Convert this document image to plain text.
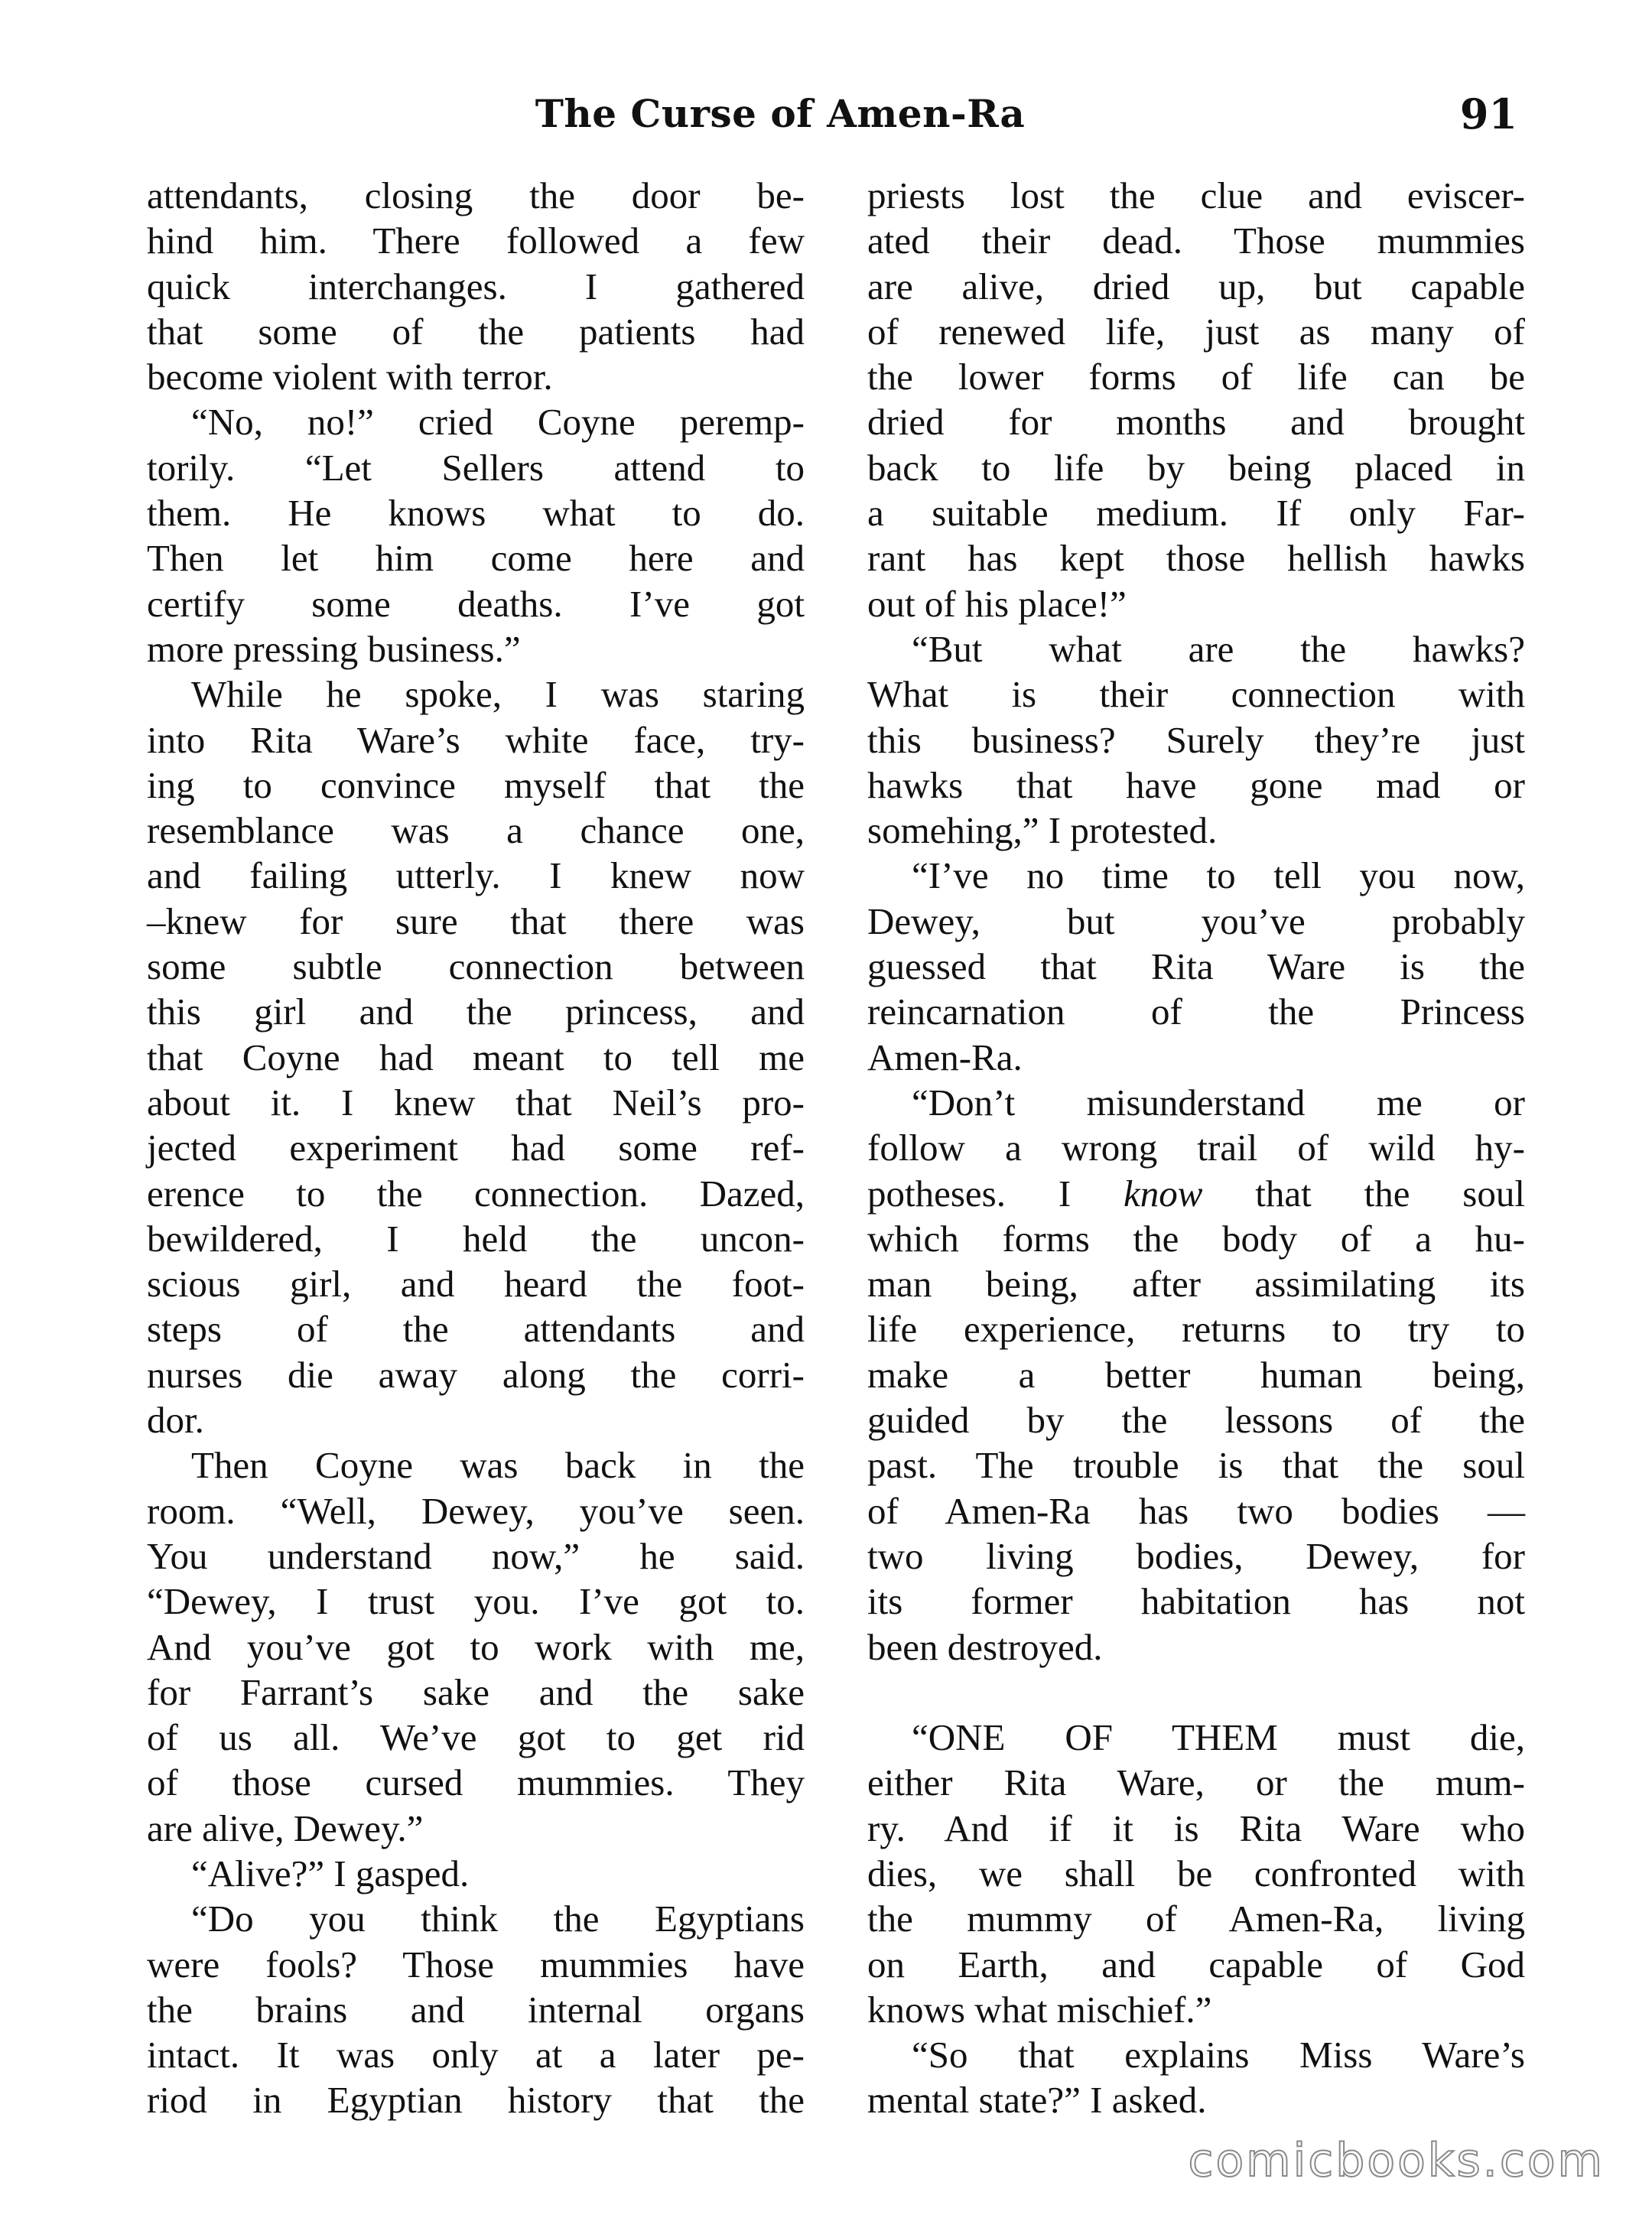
The Curse of Amen-Ra	91

attendants, closing the door be-
hind him. There followed a few
quick interchanges. I gathered
that some of the patients had
become violent with terror.

“No, no!” cried Coyne peremp-
torily. “Let Sellers attend to
them. He knows what to do.
Then let him come here and
certify some deaths. I’ve got
more pressing business.”

While he spoke, I was staring
into Rita Ware’s white face, try-
ing to convince myself that the
resemblance was a chance one,
and failing utterly. I knew now
–knew for sure that there was
some subtle connection between
this girl and the princess, and
that Coyne had meant to tell me
about it. I knew that Neil’s pro-
jected experiment had some ref-
erence to the connection. Dazed,
bewildered, I held the uncon-
scious girl, and heard the foot-
steps of the attendants and
nurses die away along the corri-
dor.

Then Coyne was back in the
room. “Well, Dewey, you’ve seen.
You understand now,” he said.
“Dewey, I trust you. I’ve got to.
And you’ve got to work with me,
for Farrant’s sake and the sake
of us all. We’ve got to get rid
of those cursed mummies. They
are alive, Dewey.”

“Alive?” I gasped.

“Do you think the Egyptians
were fools? Those mummies have
the brains and internal organs
intact. It was only at a later pe-
riod in Egyptian history that the

priests lost the clue and eviscer-
ated their dead. Those mummies
are alive, dried up, but capable
of renewed life, just as many of
the lower forms of life can be
dried for months and brought
back to life by being placed in
a suitable medium. If only Far-
rant has kept those hellish hawks
out of his place!”

“But what are the hawks?
What is their connection with
this business? Surely they’re just
hawks that have gone mad or
somehing,” I protested.

“I’ve no time to tell you now,
Dewey, but you’ve probably
guessed that Rita Ware is the
reincarnation of the Princess
Amen-Ra.

“Don’t misunderstand me or
follow a wrong trail of wild hy-
potheses. I know that the soul
which forms the body of a hu-
man being, after assimilating its
life experience, returns to try to
make a better human being,
guided by the lessons of the
past. The trouble is that the soul
of Amen-Ra has two bodies —
two living bodies, Dewey, for
its former habitation has not
been destroyed.

“ONE OF THEM must die,
either Rita Ware, or the mum-
ry. And if it is Rita Ware who
dies, we shall be confronted with
the mummy of Amen-Ra, living
on Earth, and capable of God
knows what mischief.”

“So that explains Miss Ware’s
mental state?” I asked.

comicbooks.com
